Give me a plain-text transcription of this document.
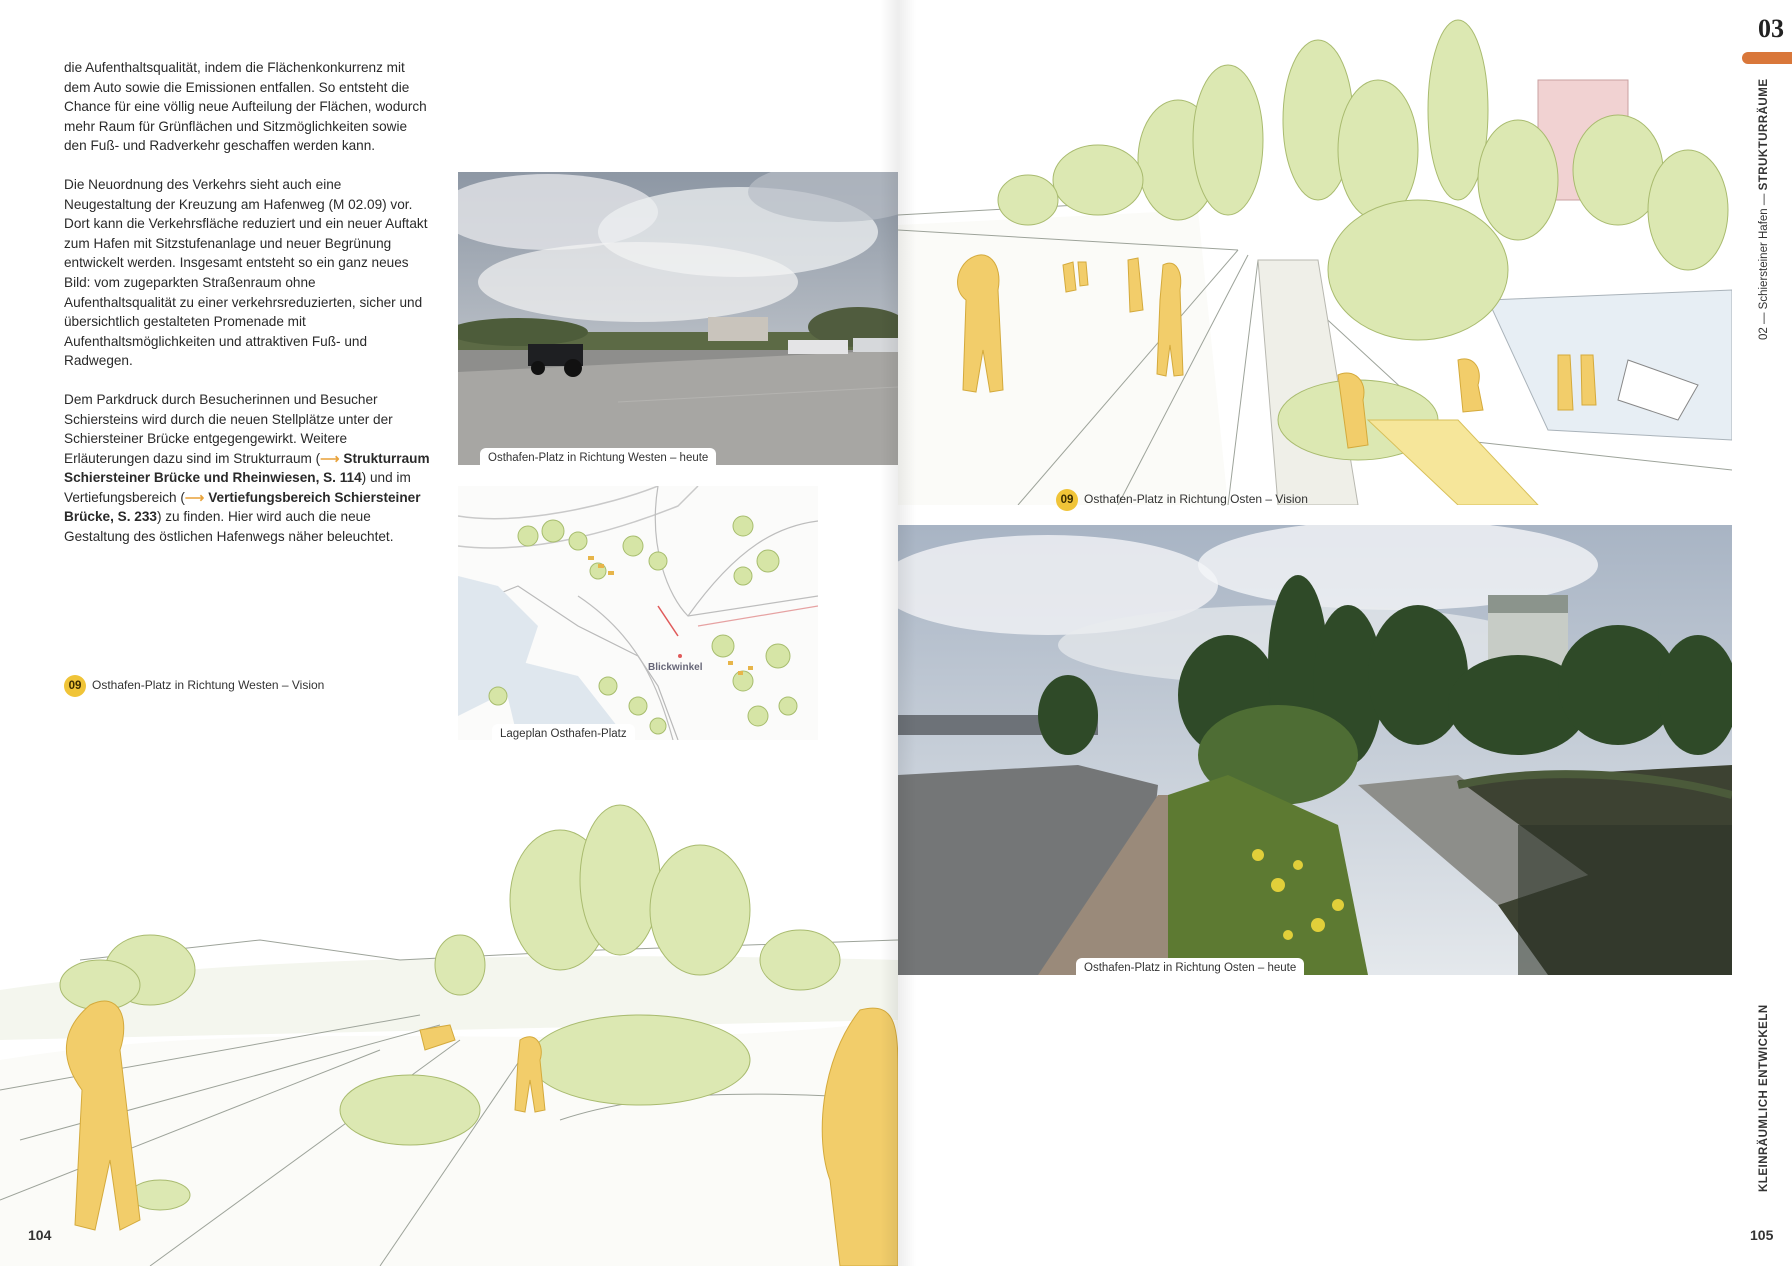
die Aufenthaltsqualität, indem die Flächenkonkurrenz mit dem Auto sowie die Emissionen entfallen. So entsteht die Chance für eine völlig neue Aufteilung der Flächen, wodurch mehr Raum für Grünflächen und Sitzmöglichkeiten sowie den Fuß- und Radverkehr geschaffen werden kann.

Die Neuordnung des Verkehrs sieht auch eine Neugestaltung der Kreuzung am Hafenweg (M 02.09) vor. Dort kann die Verkehrsfläche reduziert und ein neuer Auftakt zum Hafen mit Sitzstufenanlage und neuer Begrünung entwickelt werden. Insgesamt entsteht so ein ganz neues Bild: vom zugeparkten Straßenraum ohne Aufenthaltsqualität zu einer verkehrsreduzierten, sicher und übersichtlich gestalteten Promenade mit Aufenthaltsmöglichkeiten und attraktiven Fuß- und Radwegen.

Dem Parkdruck durch Besucherinnen und Besucher Schiersteins wird durch die neuen Stellplätze unter der Schiersteiner Brücke entgegengewirkt. Weitere Erläuterungen dazu sind im Strukturraum (⟶ Strukturraum Schiersteiner Brücke und Rheinwiesen, S. 114) und im Vertiefungsbereich (⟶ Vertiefungsbereich Schiersteiner Brücke, S. 233) zu finden. Hier wird auch die neue Gestaltung des östlichen Hafenwegs näher beleuchtet.

Osthafen-Platz in Richtung Westen – heute
Blickwinkel
Lageplan Osthafen-Platz
09 Osthafen-Platz in Richtung Westen – Vision
104
09 Osthafen-Platz in Richtung Osten – Vision
Osthafen-Platz in Richtung Osten – heute
03
02 — Schiersteiner Hafen — STRUKTURRÄUME
KLEINRÄUMLICH ENTWICKELN
105
